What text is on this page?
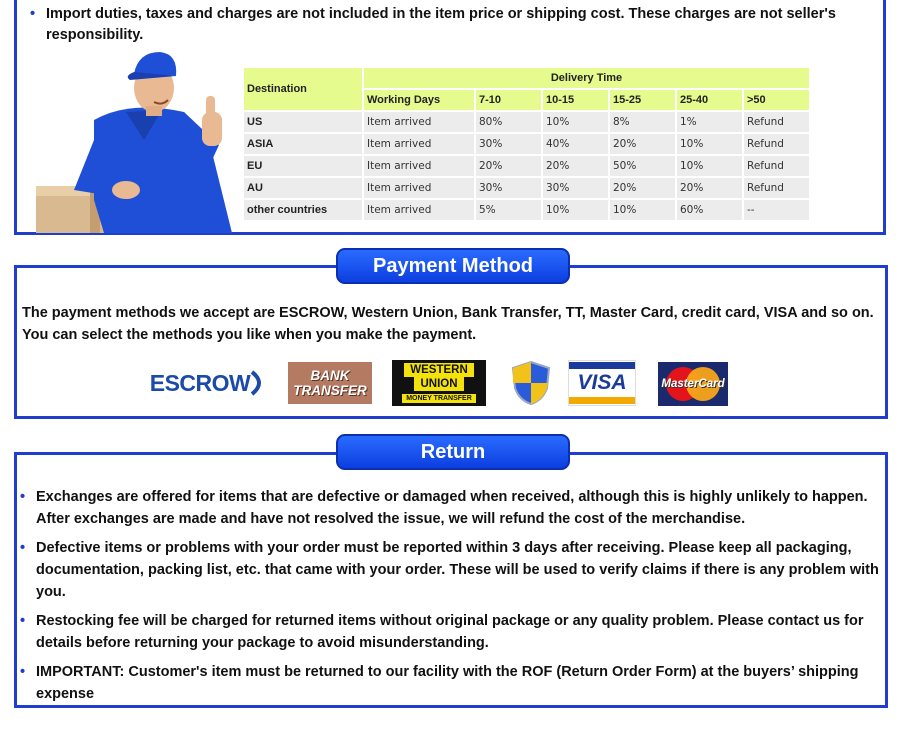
• Import duties, taxes and charges are not included in the item price or shipping cost. These charges are not seller's responsibility.
Destination	Delivery Time					
	Working Days	7-10	10-15	15-25	25-40	>50
US	Item arrived	80%	10%	8%	1%	Refund
ASIA	Item arrived	30%	40%	20%	10%	Refund
EU	Item arrived	20%	20%	50%	10%	Refund
AU	Item arrived	30%	30%	20%	20%	Refund
other countries	Item arrived	5%	10%	10%	60%	--
Payment Method
The payment methods we accept are ESCROW, Western Union, Bank Transfer, TT, Master Card, credit card, VISA and so on.
You can select the methods you like when you make the payment.
ESCROW	BANK
TRANSFER
WESTERN
UNION
MONEY TRANSFER
VISA	MasterCard
Return
• Exchanges are offered for items that are defective or damaged when received, although this is highly unlikely to happen. After exchanges are made and have not resolved the issue, we will refund the cost of the merchandise.
• Defective items or problems with your order must be reported within 3 days after receiving. Please keep all packaging, documentation, packing list, etc. that came with your order. These will be used to verify claims if there is any problem with you.
• Restocking fee will be charged for returned items without original package or any quality problem. Please contact us for details before returning your package to avoid misunderstanding.
• IMPORTANT: Customer's item must be returned to our facility with the ROF (Return Order Form) at the buyers’ shipping expense
